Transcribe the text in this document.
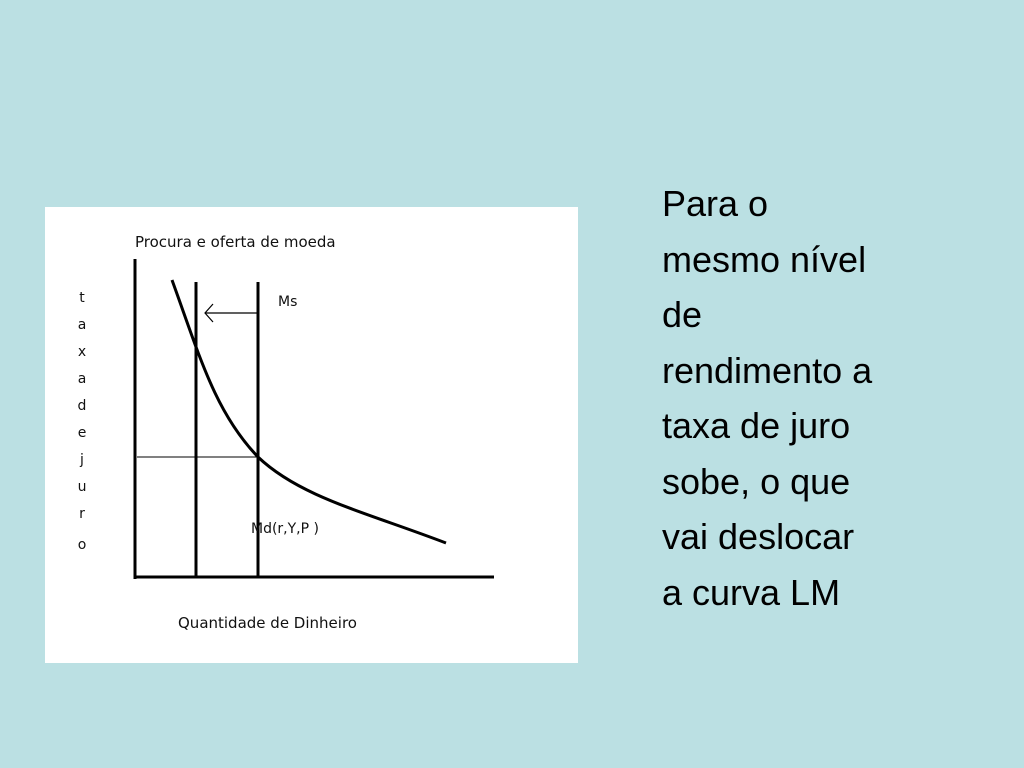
Procura e oferta de moeda
t
a
x
a
d
e
j
u
r
o
Ms
Md(r,Y,P )
Quantidade de Dinheiro
Para o
mesmo nível
de
rendimento a
taxa de juro
sobe, o que
vai deslocar
a curva LM
